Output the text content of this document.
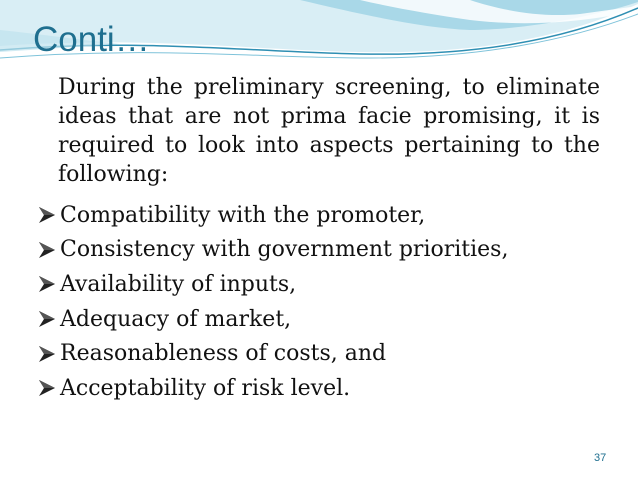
Conti…

During the preliminary screening, to eliminate ideas that are not prima facie promising, it is required to look into aspects pertaining to the following:

Compatibility with the promoter,
Consistency with government priorities,
Availability of inputs,
Adequacy of market,
Reasonableness of costs, and
Acceptability of risk level.
37
